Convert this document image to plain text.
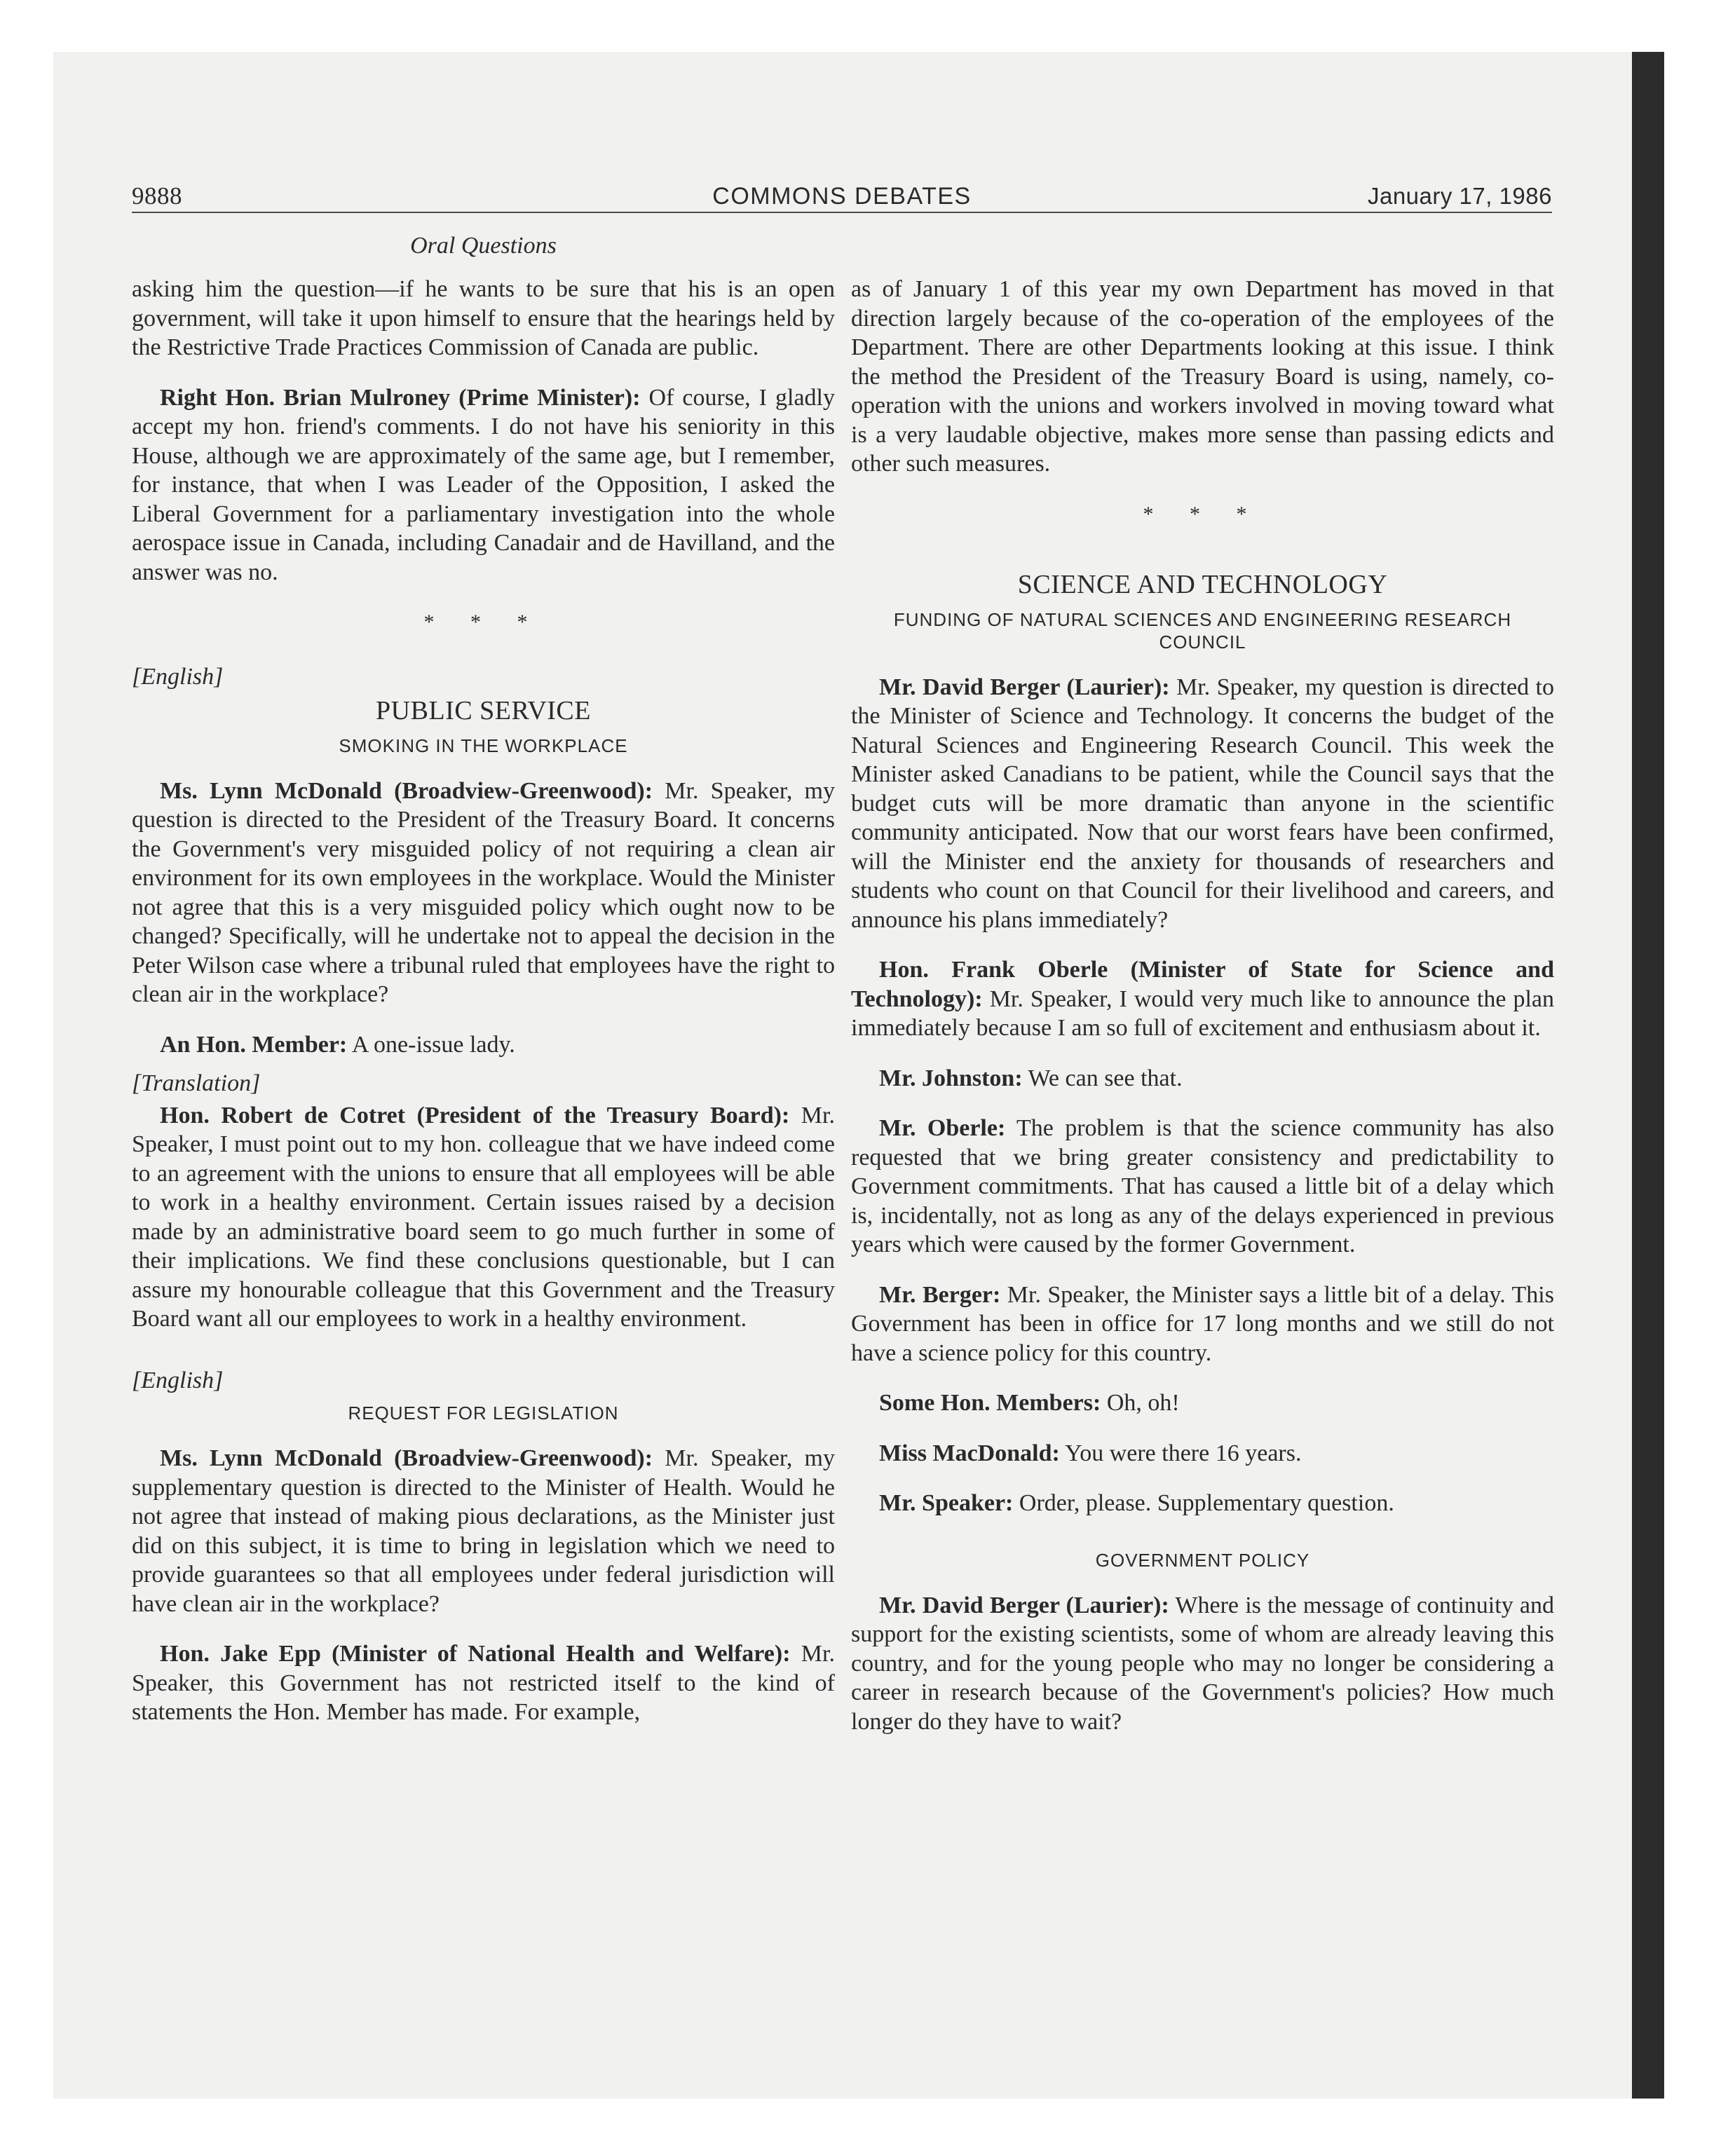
9888	COMMONS DEBATES	January 17, 1986
Oral Questions

asking him the question—if he wants to be sure that his is an open government, will take it upon himself to ensure that the hearings held by the Restrictive Trade Practices Commission of Canada are public.

Right Hon. Brian Mulroney (Prime Minister): Of course, I gladly accept my hon. friend's comments. I do not have his seniority in this House, although we are approximately of the same age, but I remember, for instance, that when I was Leader of the Opposition, I asked the Liberal Government for a parliamentary investigation into the whole aerospace issue in Canada, including Canadair and de Havilland, and the answer was no.

* * *
[English]
PUBLIC SERVICE
SMOKING IN THE WORKPLACE

Ms. Lynn McDonald (Broadview-Greenwood): Mr. Speaker, my question is directed to the President of the Treasury Board. It concerns the Government's very misguided policy of not requiring a clean air environment for its own employees in the workplace. Would the Minister not agree that this is a very misguided policy which ought now to be changed? Specifically, will he undertake not to appeal the decision in the Peter Wilson case where a tribunal ruled that employees have the right to clean air in the workplace?

An Hon. Member: A one-issue lady.

[Translation]

Hon. Robert de Cotret (President of the Treasury Board): Mr. Speaker, I must point out to my hon. colleague that we have indeed come to an agreement with the unions to ensure that all employees will be able to work in a healthy environment. Certain issues raised by a decision made by an administrative board seem to go much further in some of their implications. We find these conclusions questionable, but I can assure my honourable colleague that this Government and the Treasury Board want all our employees to work in a healthy environment.

[English]
REQUEST FOR LEGISLATION

Ms. Lynn McDonald (Broadview-Greenwood): Mr. Speaker, my supplementary question is directed to the Minister of Health. Would he not agree that instead of making pious declarations, as the Minister just did on this subject, it is time to bring in legislation which we need to provide guarantees so that all employees under federal jurisdiction will have clean air in the workplace?

Hon. Jake Epp (Minister of National Health and Welfare): Mr. Speaker, this Government has not restricted itself to the kind of statements the Hon. Member has made. For example,

as of January 1 of this year my own Department has moved in that direction largely because of the co-operation of the employees of the Department. There are other Departments looking at this issue. I think the method the President of the Treasury Board is using, namely, co-operation with the unions and workers involved in moving toward what is a very laudable objective, makes more sense than passing edicts and other such measures.

* * *
SCIENCE AND TECHNOLOGY
FUNDING OF NATURAL SCIENCES AND ENGINEERING RESEARCH COUNCIL

Mr. David Berger (Laurier): Mr. Speaker, my question is directed to the Minister of Science and Technology. It concerns the budget of the Natural Sciences and Engineering Research Council. This week the Minister asked Canadians to be patient, while the Council says that the budget cuts will be more dramatic than anyone in the scientific community anticipated. Now that our worst fears have been confirmed, will the Minister end the anxiety for thousands of researchers and students who count on that Council for their livelihood and careers, and announce his plans immediately?

Hon. Frank Oberle (Minister of State for Science and Technology): Mr. Speaker, I would very much like to announce the plan immediately because I am so full of excitement and enthusiasm about it.

Mr. Johnston: We can see that.

Mr. Oberle: The problem is that the science community has also requested that we bring greater consistency and predictability to Government commitments. That has caused a little bit of a delay which is, incidentally, not as long as any of the delays experienced in previous years which were caused by the former Government.

Mr. Berger: Mr. Speaker, the Minister says a little bit of a delay. This Government has been in office for 17 long months and we still do not have a science policy for this country.

Some Hon. Members: Oh, oh!

Miss MacDonald: You were there 16 years.

Mr. Speaker: Order, please. Supplementary question.

GOVERNMENT POLICY

Mr. David Berger (Laurier): Where is the message of continuity and support for the existing scientists, some of whom are already leaving this country, and for the young people who may no longer be considering a career in research because of the Government's policies? How much longer do they have to wait?
